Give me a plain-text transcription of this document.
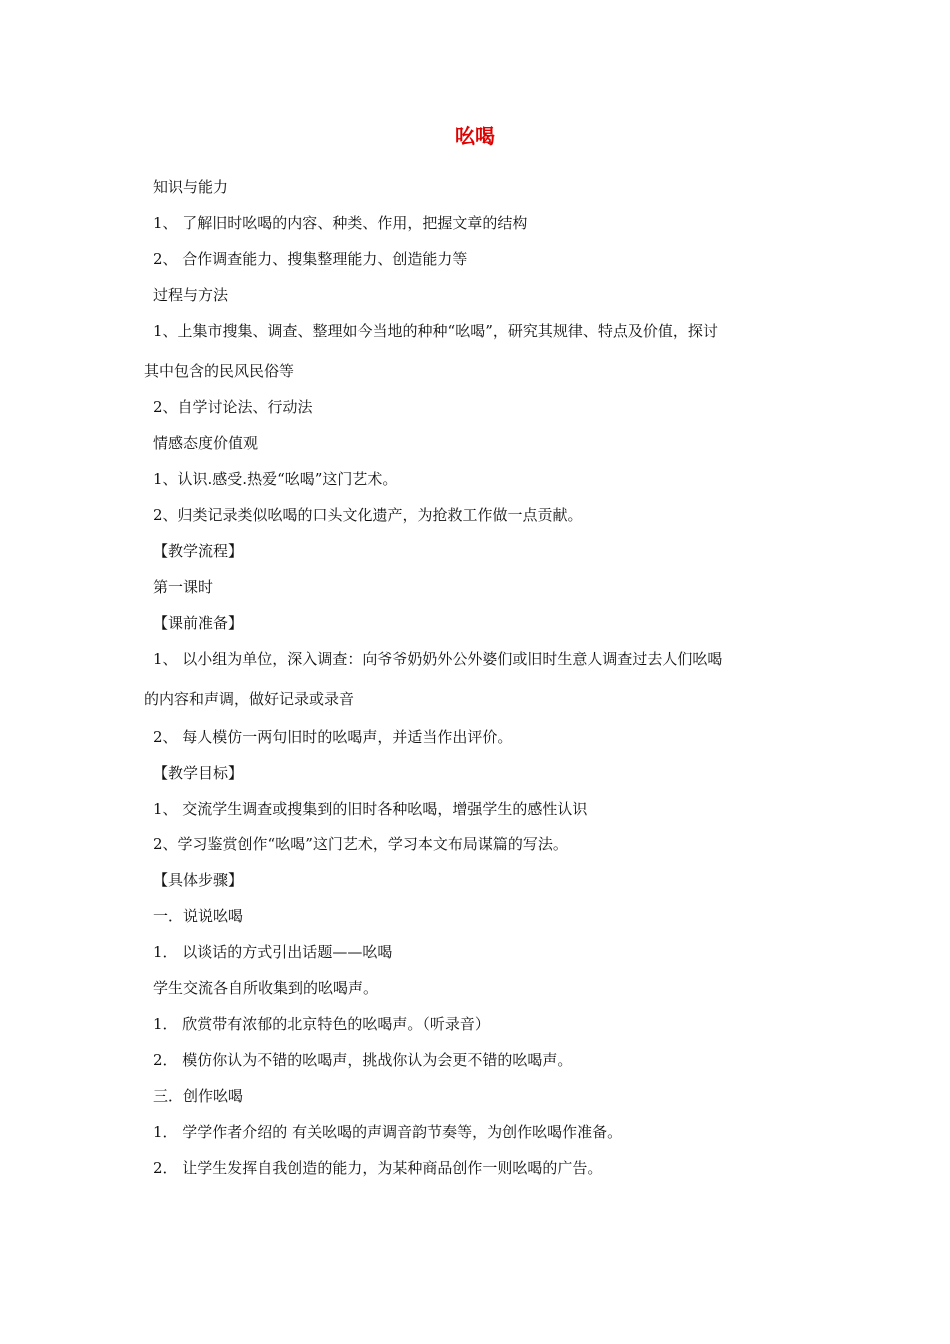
吆喝
知识与能力
1、 了解旧时吆喝的内容、种类、作用，把握文章的结构
2、 合作调查能力、搜集整理能力、创造能力等
过程与方法
1、上集市搜集、调查、整理如今当地的种种“吆喝”，研究其规律、特点及价值，探讨
其中包含的民风民俗等
2、自学讨论法、行动法
情感态度价值观
1、认识.感受.热爱“吆喝”这门艺术。
2、归类记录类似吆喝的口头文化遗产，为抢救工作做一点贡献。
【教学流程】
第一课时
【课前准备】
1、 以小组为单位，深入调查：向爷爷奶奶外公外婆们或旧时生意人调查过去人们吆喝
的内容和声调，做好记录或录音
2、 每人模仿一两句旧时的吆喝声，并适当作出评价。
【教学目标】
1、 交流学生调查或搜集到的旧时各种吆喝，增强学生的感性认识
2、学习鉴赏创作“吆喝”这门艺术，学习本文布局谋篇的写法。
【具体步骤】
一．说说吆喝
1． 以谈话的方式引出话题——吆喝
学生交流各自所收集到的吆喝声。
1． 欣赏带有浓郁的北京特色的吆喝声。（听录音）
2． 模仿你认为不错的吆喝声，挑战你认为会更不错的吆喝声。
三．创作吆喝
1． 学学作者介绍的 有关吆喝的声调音韵节奏等，为创作吆喝作准备。
2． 让学生发挥自我创造的能力，为某种商品创作一则吆喝的广告。
